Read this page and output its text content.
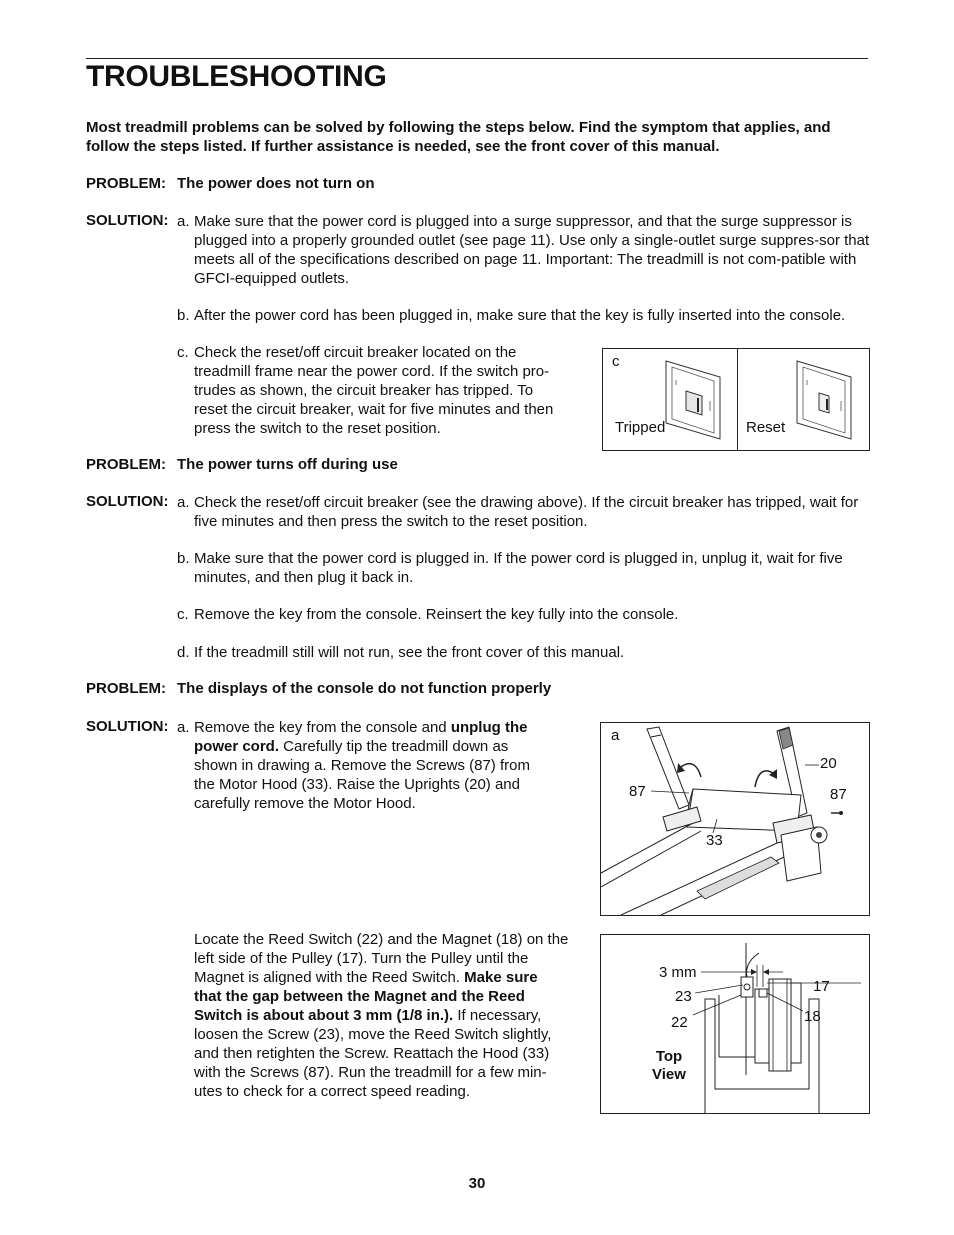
TROUBLESHOOTING
Most treadmill problems can be solved by following the steps below. Find the symptom that applies, and follow the steps listed. If further assistance is needed, see the front cover of this manual.
PROBLEM: The power does not turn on
SOLUTION: a. Make sure that the power cord is plugged into a surge suppressor, and that the surge suppressor is plugged into a properly grounded outlet (see page 11). Use only a single-outlet surge suppres-sor that meets all of the specifications described on page 11. Important: The treadmill is not com-patible with GFCI-equipped outlets.
b. After the power cord has been plugged in, make sure that the key is fully inserted into the console.
c. Check the reset/off circuit breaker located on the treadmill frame near the power cord. If the switch pro-trudes as shown, the circuit breaker has tripped. To reset the circuit breaker, wait for five minutes and then press the switch to the reset position.
c
Tripped	Reset
PROBLEM: The power turns off during use
SOLUTION: a. Check the reset/off circuit breaker (see the drawing above). If the circuit breaker has tripped, wait for five minutes and then press the switch to the reset position.
b. Make sure that the power cord is plugged in. If the power cord is plugged in, unplug it, wait for five minutes, and then plug it back in.
c. Remove the key from the console. Reinsert the key fully into the console.
d. If the treadmill still will not run, see the front cover of this manual.
PROBLEM: The displays of the console do not function properly
SOLUTION: a. Remove the key from the console and unplug the power cord. Carefully tip the treadmill down as shown in drawing a. Remove the Screws (87) from the Motor Hood (33). Raise the Uprights (20) and carefully remove the Motor Hood.
Locate the Reed Switch (22) and the Magnet (18) on the left side of the Pulley (17). Turn the Pulley until the Magnet is aligned with the Reed Switch. Make sure that the gap between the Magnet and the Reed Switch is about about 3 mm (1/8 in.). If necessary, loosen the Screw (23), move the Reed Switch slightly, and then retighten the Screw. Reattach the Hood (33) with the Screws (87). Run the treadmill for a few min-utes to check for a correct speed reading.
a
20
87	87
33
3 mm
23
22
17
18
Top
View
30
